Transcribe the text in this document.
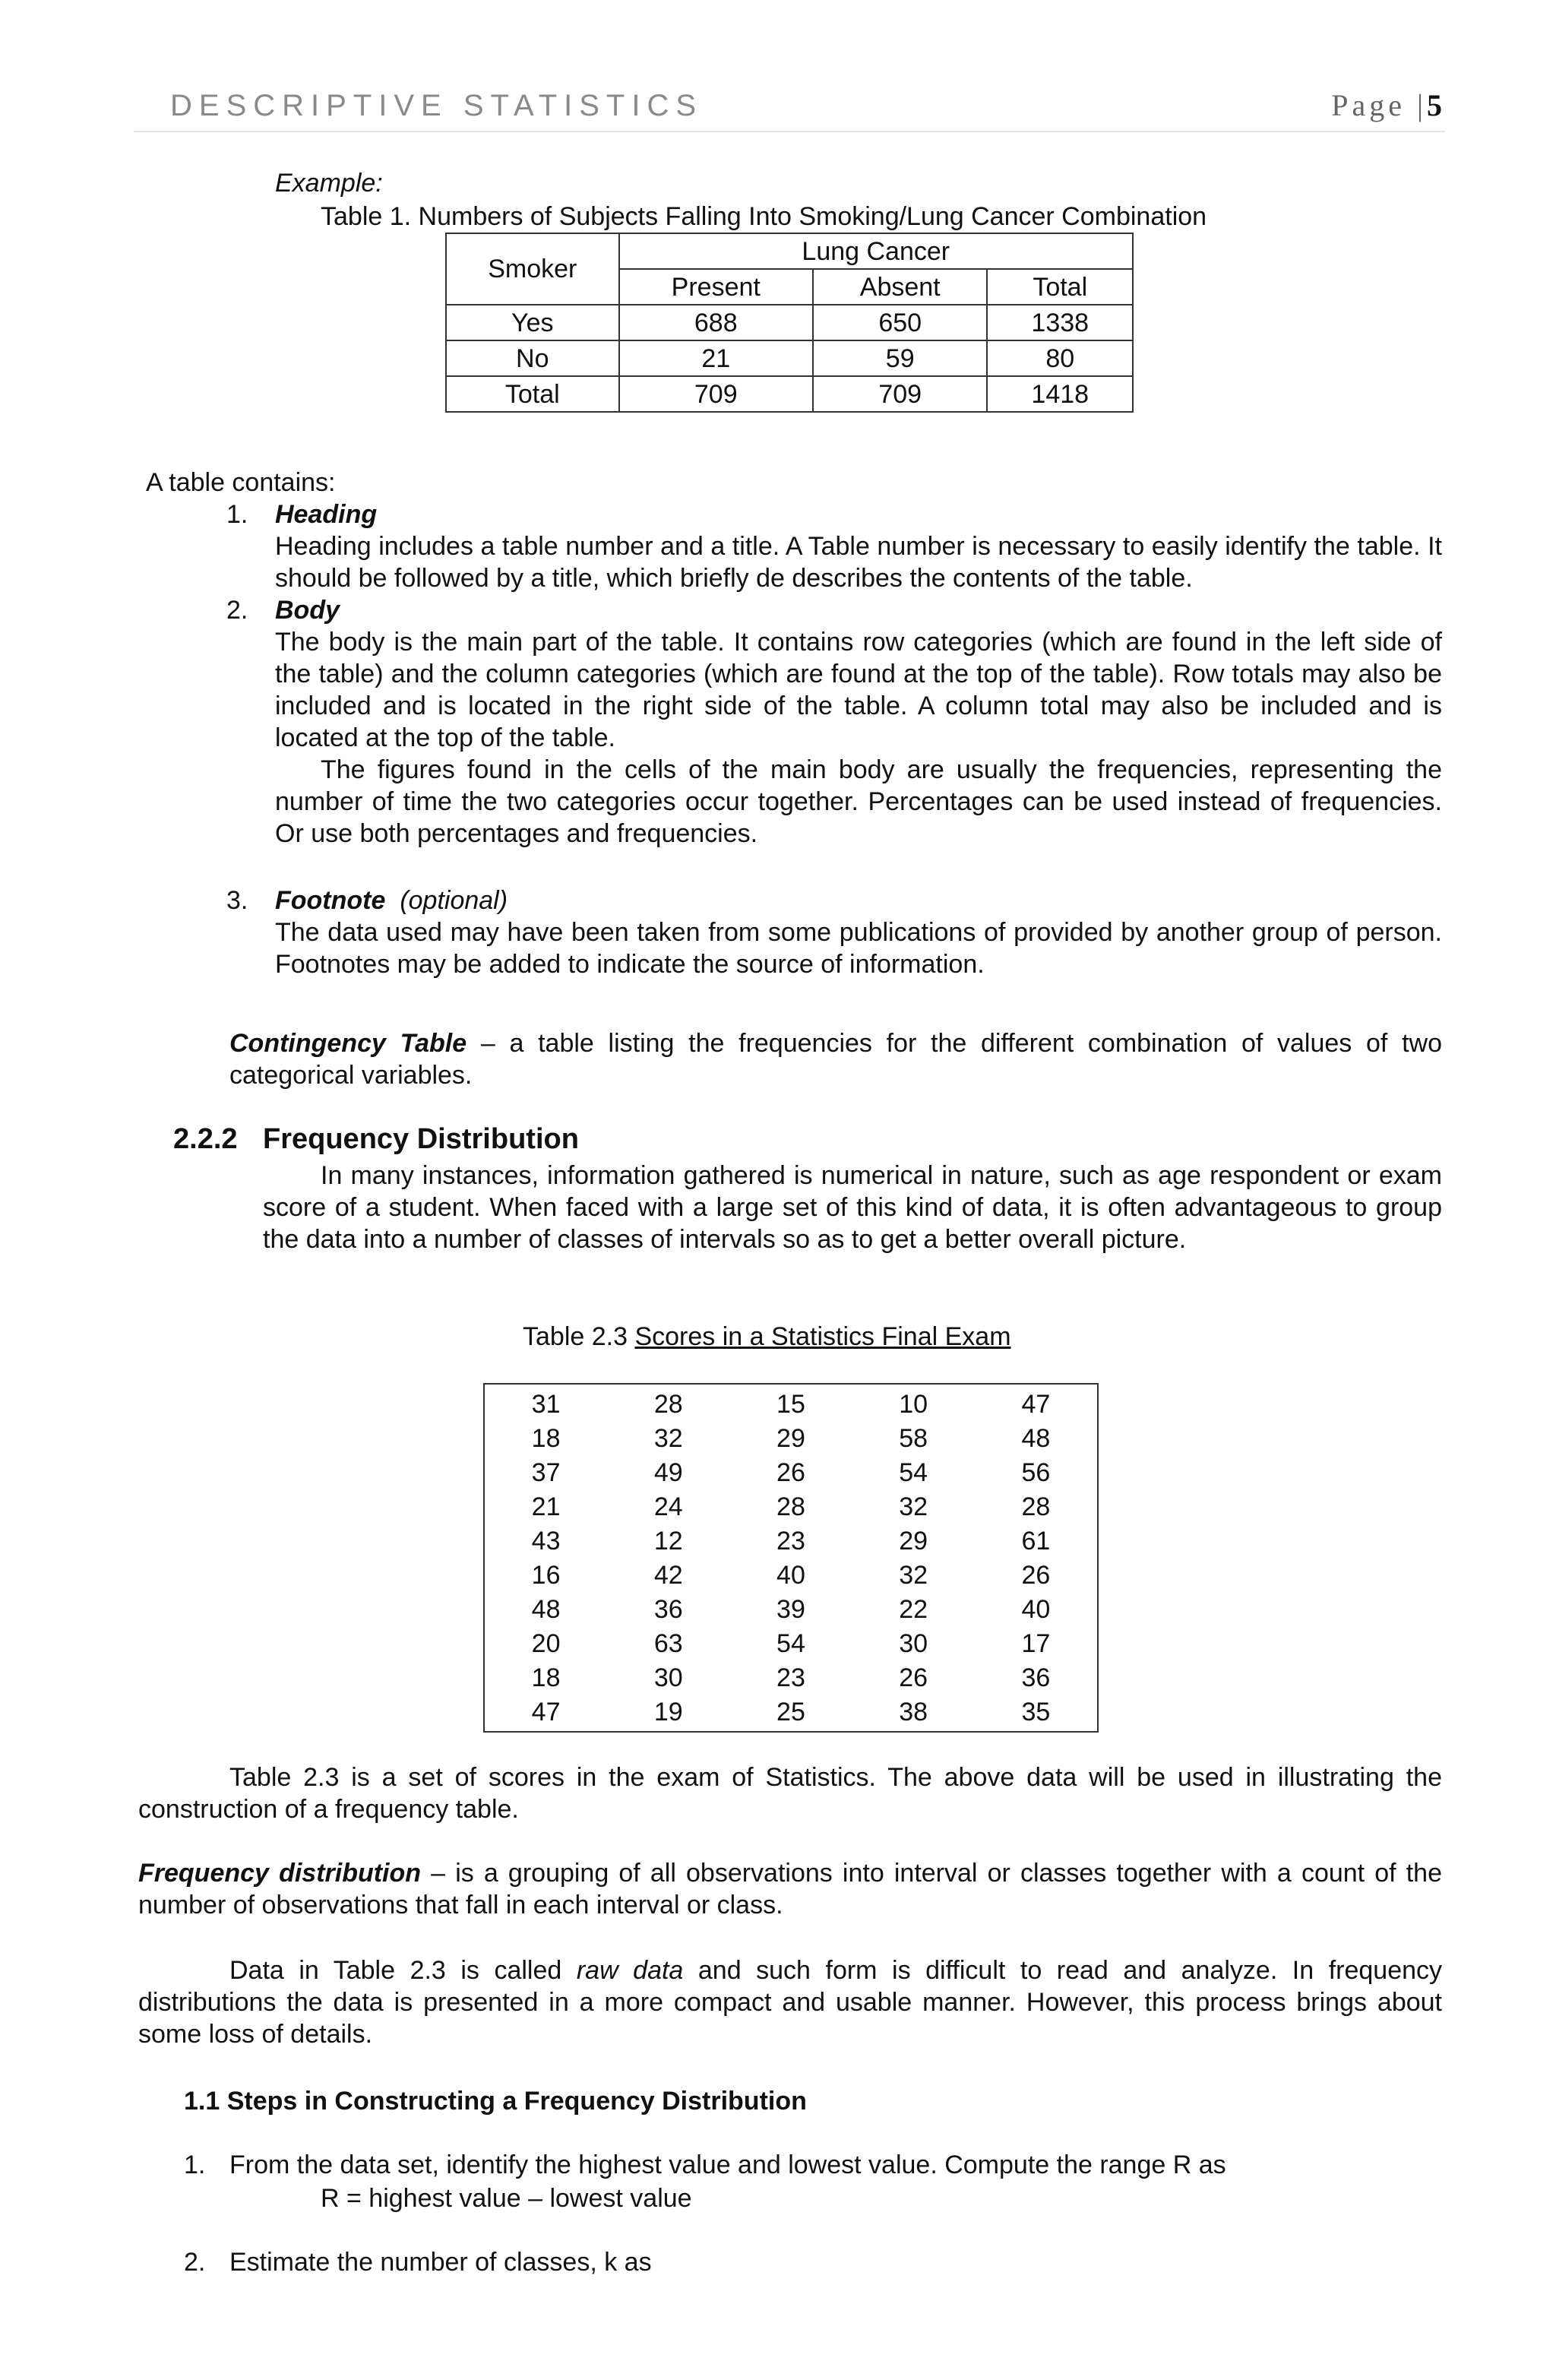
DESCRIPTIVE STATISTICS	Page |5
Example:
Table 1. Numbers of Subjects Falling Into Smoking/Lung Cancer Combination
Smoker	Lung Cancer		
	Present	Absent	Total
Yes	688	650	1338
No	21	59	80
Total	709	709	1418
A table contains:
1. Heading
Heading includes a table number and a title. A Table number is necessary to easily identify the table. It should be followed by a title, which briefly de describes the contents of the table.
2. Body
The body is the main part of the table. It contains row categories (which are found in the left side of the table) and the column categories (which are found at the top of the table). Row totals may also be included and is located in the right side of the table. A column total may also be included and is located at the top of the table.
The figures found in the cells of the main body are usually the frequencies, representing the number of time the two categories occur together. Percentages can be used instead of frequencies. Or use both percentages and frequencies.
3. Footnote (optional)
The data used may have been taken from some publications of provided by another group of person. Footnotes may be added to indicate the source of information.
Contingency Table – a table listing the frequencies for the different combination of values of two categorical variables.
2.2.2 Frequency Distribution
In many instances, information gathered is numerical in nature, such as age respondent or exam score of a student. When faced with a large set of this kind of data, it is often advantageous to group the data into a number of classes of intervals so as to get a better overall picture.
Table 2.3 Scores in a Statistics Final Exam
31	28	15	10	47
18	32	29	58	48
37	49	26	54	56
21	24	28	32	28
43	12	23	29	61
16	42	40	32	26
48	36	39	22	40
20	63	54	30	17
18	30	23	26	36
47	19	25	38	35
Table 2.3 is a set of scores in the exam of Statistics. The above data will be used in illustrating the construction of a frequency table.
Frequency distribution – is a grouping of all observations into interval or classes together with a count of the number of observations that fall in each interval or class.
Data in Table 2.3 is called raw data and such form is difficult to read and analyze. In frequency distributions the data is presented in a more compact and usable manner. However, this process brings about some loss of details.
1.1 Steps in Constructing a Frequency Distribution
1. From the data set, identify the highest value and lowest value. Compute the range R as
R = highest value – lowest value
2. Estimate the number of classes, k as
